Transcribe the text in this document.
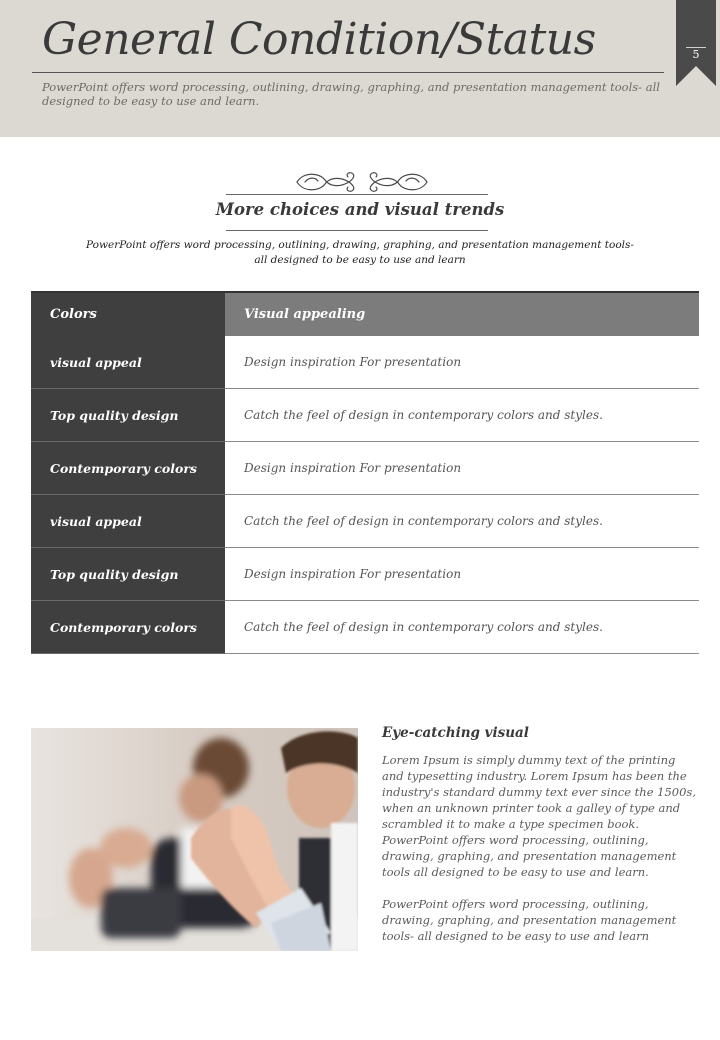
General Condition/Status

PowerPoint offers word processing, outlining, drawing, graphing, and presentation management tools- all designed to be easy to use and learn.

5
More choices and visual trends

PowerPoint offers word processing, outlining, drawing, graphing, and presentation management tools- all designed to be easy to use and learn

Colors	Visual appealing
visual appeal	Design inspiration For presentation
Top quality design	Catch the feel of design in contemporary colors and styles.
Contemporary colors	Design inspiration For presentation
visual appeal	Catch the feel of design in contemporary colors and styles.
Top quality design	Design inspiration For presentation
Contemporary colors	Catch the feel of design in contemporary colors and styles.
Eye-catching visual

Lorem Ipsum is simply dummy text of the printing and typesetting industry. Lorem Ipsum has been the industry's standard dummy text ever since the 1500s, when an unknown printer took a galley of type and scrambled it to make a type specimen book. PowerPoint offers word processing, outlining, drawing, graphing, and presentation management tools all designed to be easy to use and learn.

PowerPoint offers word processing, outlining, drawing, graphing, and presentation management tools- all designed to be easy to use and learn
